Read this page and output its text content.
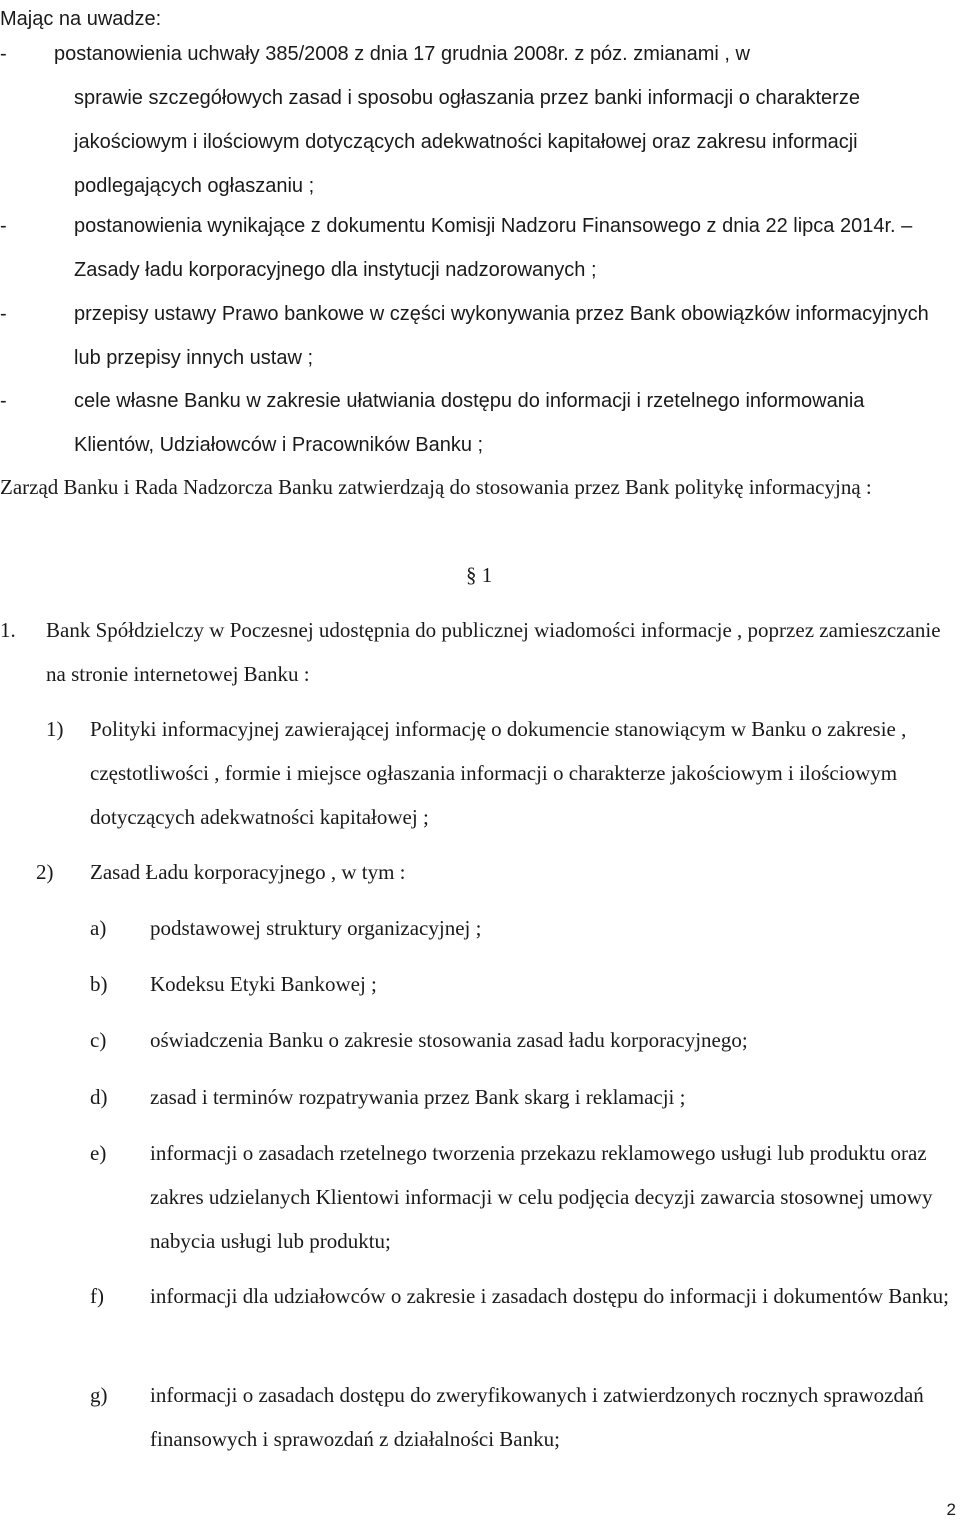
Mając na uwadze:
-	postanowienia uchwały 385/2008 z dnia 17 grudnia 2008r. z póz. zmianami , w
sprawie szczegółowych zasad i sposobu ogłaszania przez banki informacji o charakterze jakościowym i ilościowym dotyczących adekwatności kapitałowej oraz zakresu informacji podlegających ogłaszaniu ;
-	postanowienia wynikające z dokumentu Komisji Nadzoru Finansowego z dnia 22 lipca 2014r. – Zasady ładu korporacyjnego dla instytucji nadzorowanych ;
-	przepisy ustawy Prawo bankowe w części wykonywania przez Bank obowiązków informacyjnych lub przepisy innych ustaw ;
-	cele własne Banku w zakresie ułatwiania dostępu do informacji i rzetelnego informowania Klientów, Udziałowców i Pracowników Banku ;
Zarząd Banku i Rada Nadzorcza Banku zatwierdzają do stosowania przez Bank politykę informacyjną :
§ 1
1. Bank Spółdzielczy w Poczesnej udostępnia do publicznej wiadomości informacje , poprzez zamieszczanie na stronie internetowej Banku :
1) Polityki informacyjnej zawierającej informację o dokumencie stanowiącym w Banku o zakresie , częstotliwości , formie i miejsce ogłaszania informacji o charakterze jakościowym i ilościowym dotyczących adekwatności kapitałowej ;
2) Zasad Ładu korporacyjnego , w tym :
a) podstawowej struktury organizacyjnej ;
b) Kodeksu Etyki Bankowej ;
c) oświadczenia Banku o zakresie stosowania zasad ładu korporacyjnego;
d) zasad i terminów rozpatrywania przez Bank skarg i reklamacji ;
e) informacji o zasadach rzetelnego tworzenia przekazu reklamowego usługi lub produktu oraz zakres udzielanych Klientowi informacji w celu podjęcia decyzji zawarcia stosownej umowy nabycia usługi lub produktu;
f) informacji dla udziałowców o zakresie i zasadach dostępu do informacji i dokumentów Banku;
g) informacji o zasadach dostępu do zweryfikowanych i zatwierdzonych rocznych sprawozdań finansowych i sprawozdań z działalności Banku;
2
